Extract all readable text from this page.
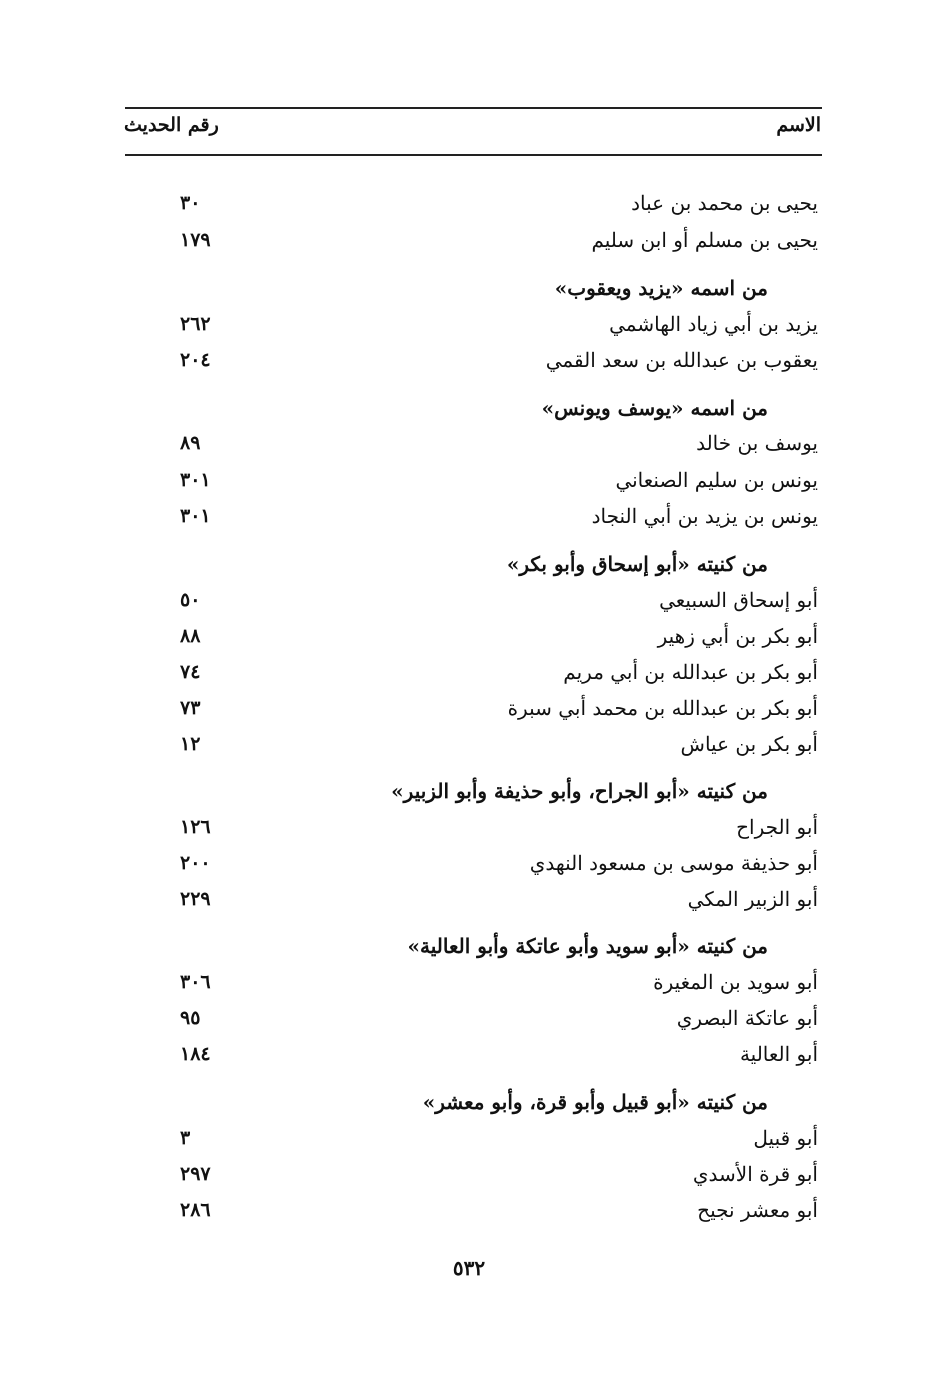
الاسم
رقم الحديث
يحيى بن محمد بن عباد
٣٠
يحيى بن مسلم أو ابن سليم
١٧٩
من اسمه «يزيد ويعقوب»
يزيد بن أبي زياد الهاشمي
٢٦٢
يعقوب بن عبدالله بن سعد القمي
٢٠٤
من اسمه «يوسف ويونس»
يوسف بن خالد
٨٩
يونس بن سليم الصنعاني
٣٠١
يونس بن يزيد بن أبي النجاد
٣٠١
من كنيته «أبو إسحاق وأبو بكر»
أبو إسحاق السبيعي
٥٠
أبو بكر بن أبي زهير
٨٨
أبو بكر بن عبدالله بن أبي مريم
٧٤
أبو بكر بن عبدالله بن محمد أبي سبرة
٧٣
أبو بكر بن عياش
١٢
من كنيته «أبو الجراح، وأبو حذيفة وأبو الزبير»
أبو الجراح
١٢٦
أبو حذيفة موسى بن مسعود النهدي
٢٠٠
أبو الزبير المكي
٢٢٩
من كنيته «أبو سويد وأبو عاتكة وأبو العالية»
أبو سويد بن المغيرة
٣٠٦
أبو عاتكة البصري
٩٥
أبو العالية
١٨٤
من كنيته «أبو قبيل وأبو قرة، وأبو معشر»
أبو قبيل
٣
أبو قرة الأسدي
٢٩٧
أبو معشر نجيح
٢٨٦
٥٣٢
